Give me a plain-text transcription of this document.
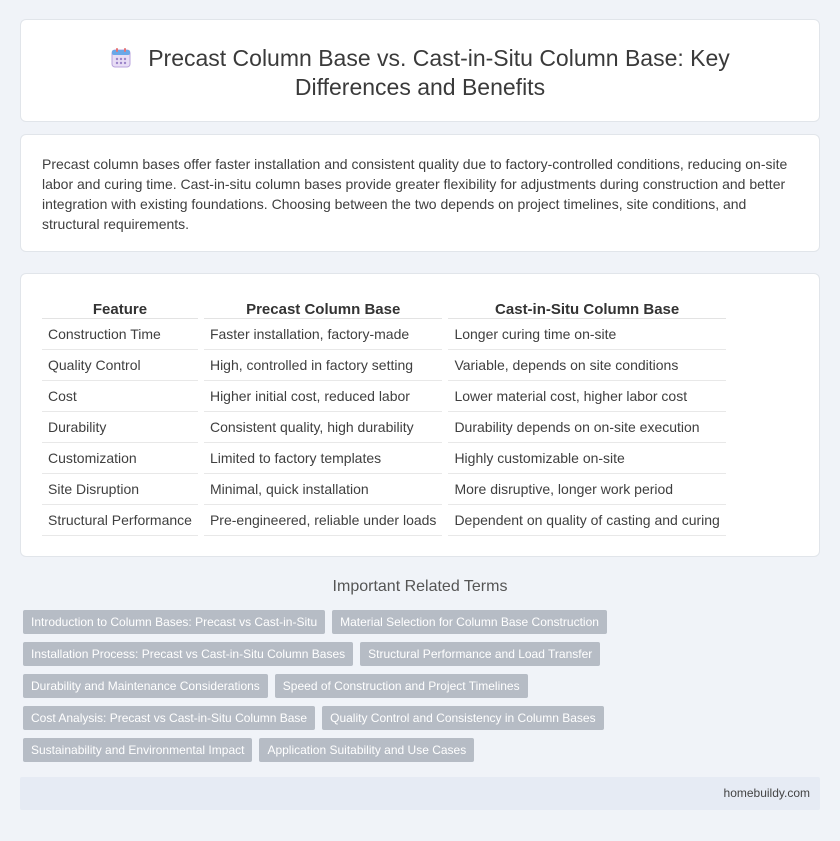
Precast Column Base vs. Cast-in-Situ Column Base: Key Differences and Benefits

Precast column bases offer faster installation and consistent quality due to factory-controlled conditions, reducing on-site labor and curing time. Cast-in-situ column bases provide greater flexibility for adjustments during construction and better integration with existing foundations. Choosing between the two depends on project timelines, site conditions, and structural requirements.

Feature	Precast Column Base	Cast-in-Situ Column Base
Construction Time	Faster installation, factory-made	Longer curing time on-site
Quality Control	High, controlled in factory setting	Variable, depends on site conditions
Cost	Higher initial cost, reduced labor	Lower material cost, higher labor cost
Durability	Consistent quality, high durability	Durability depends on on-site execution
Customization	Limited to factory templates	Highly customizable on-site
Site Disruption	Minimal, quick installation	More disruptive, longer work period
Structural Performance	Pre-engineered, reliable under loads	Dependent on quality of casting and curing
Important Related Terms
Introduction to Column Bases: Precast vs Cast-in-Situ	Material Selection for Column Base Construction
Installation Process: Precast vs Cast-in-Situ Column Bases	Structural Performance and Load Transfer
Durability and Maintenance Considerations	Speed of Construction and Project Timelines
Cost Analysis: Precast vs Cast-in-Situ Column Base	Quality Control and Consistency in Column Bases
Sustainability and Environmental Impact	Application Suitability and Use Cases
homebuildy.com
